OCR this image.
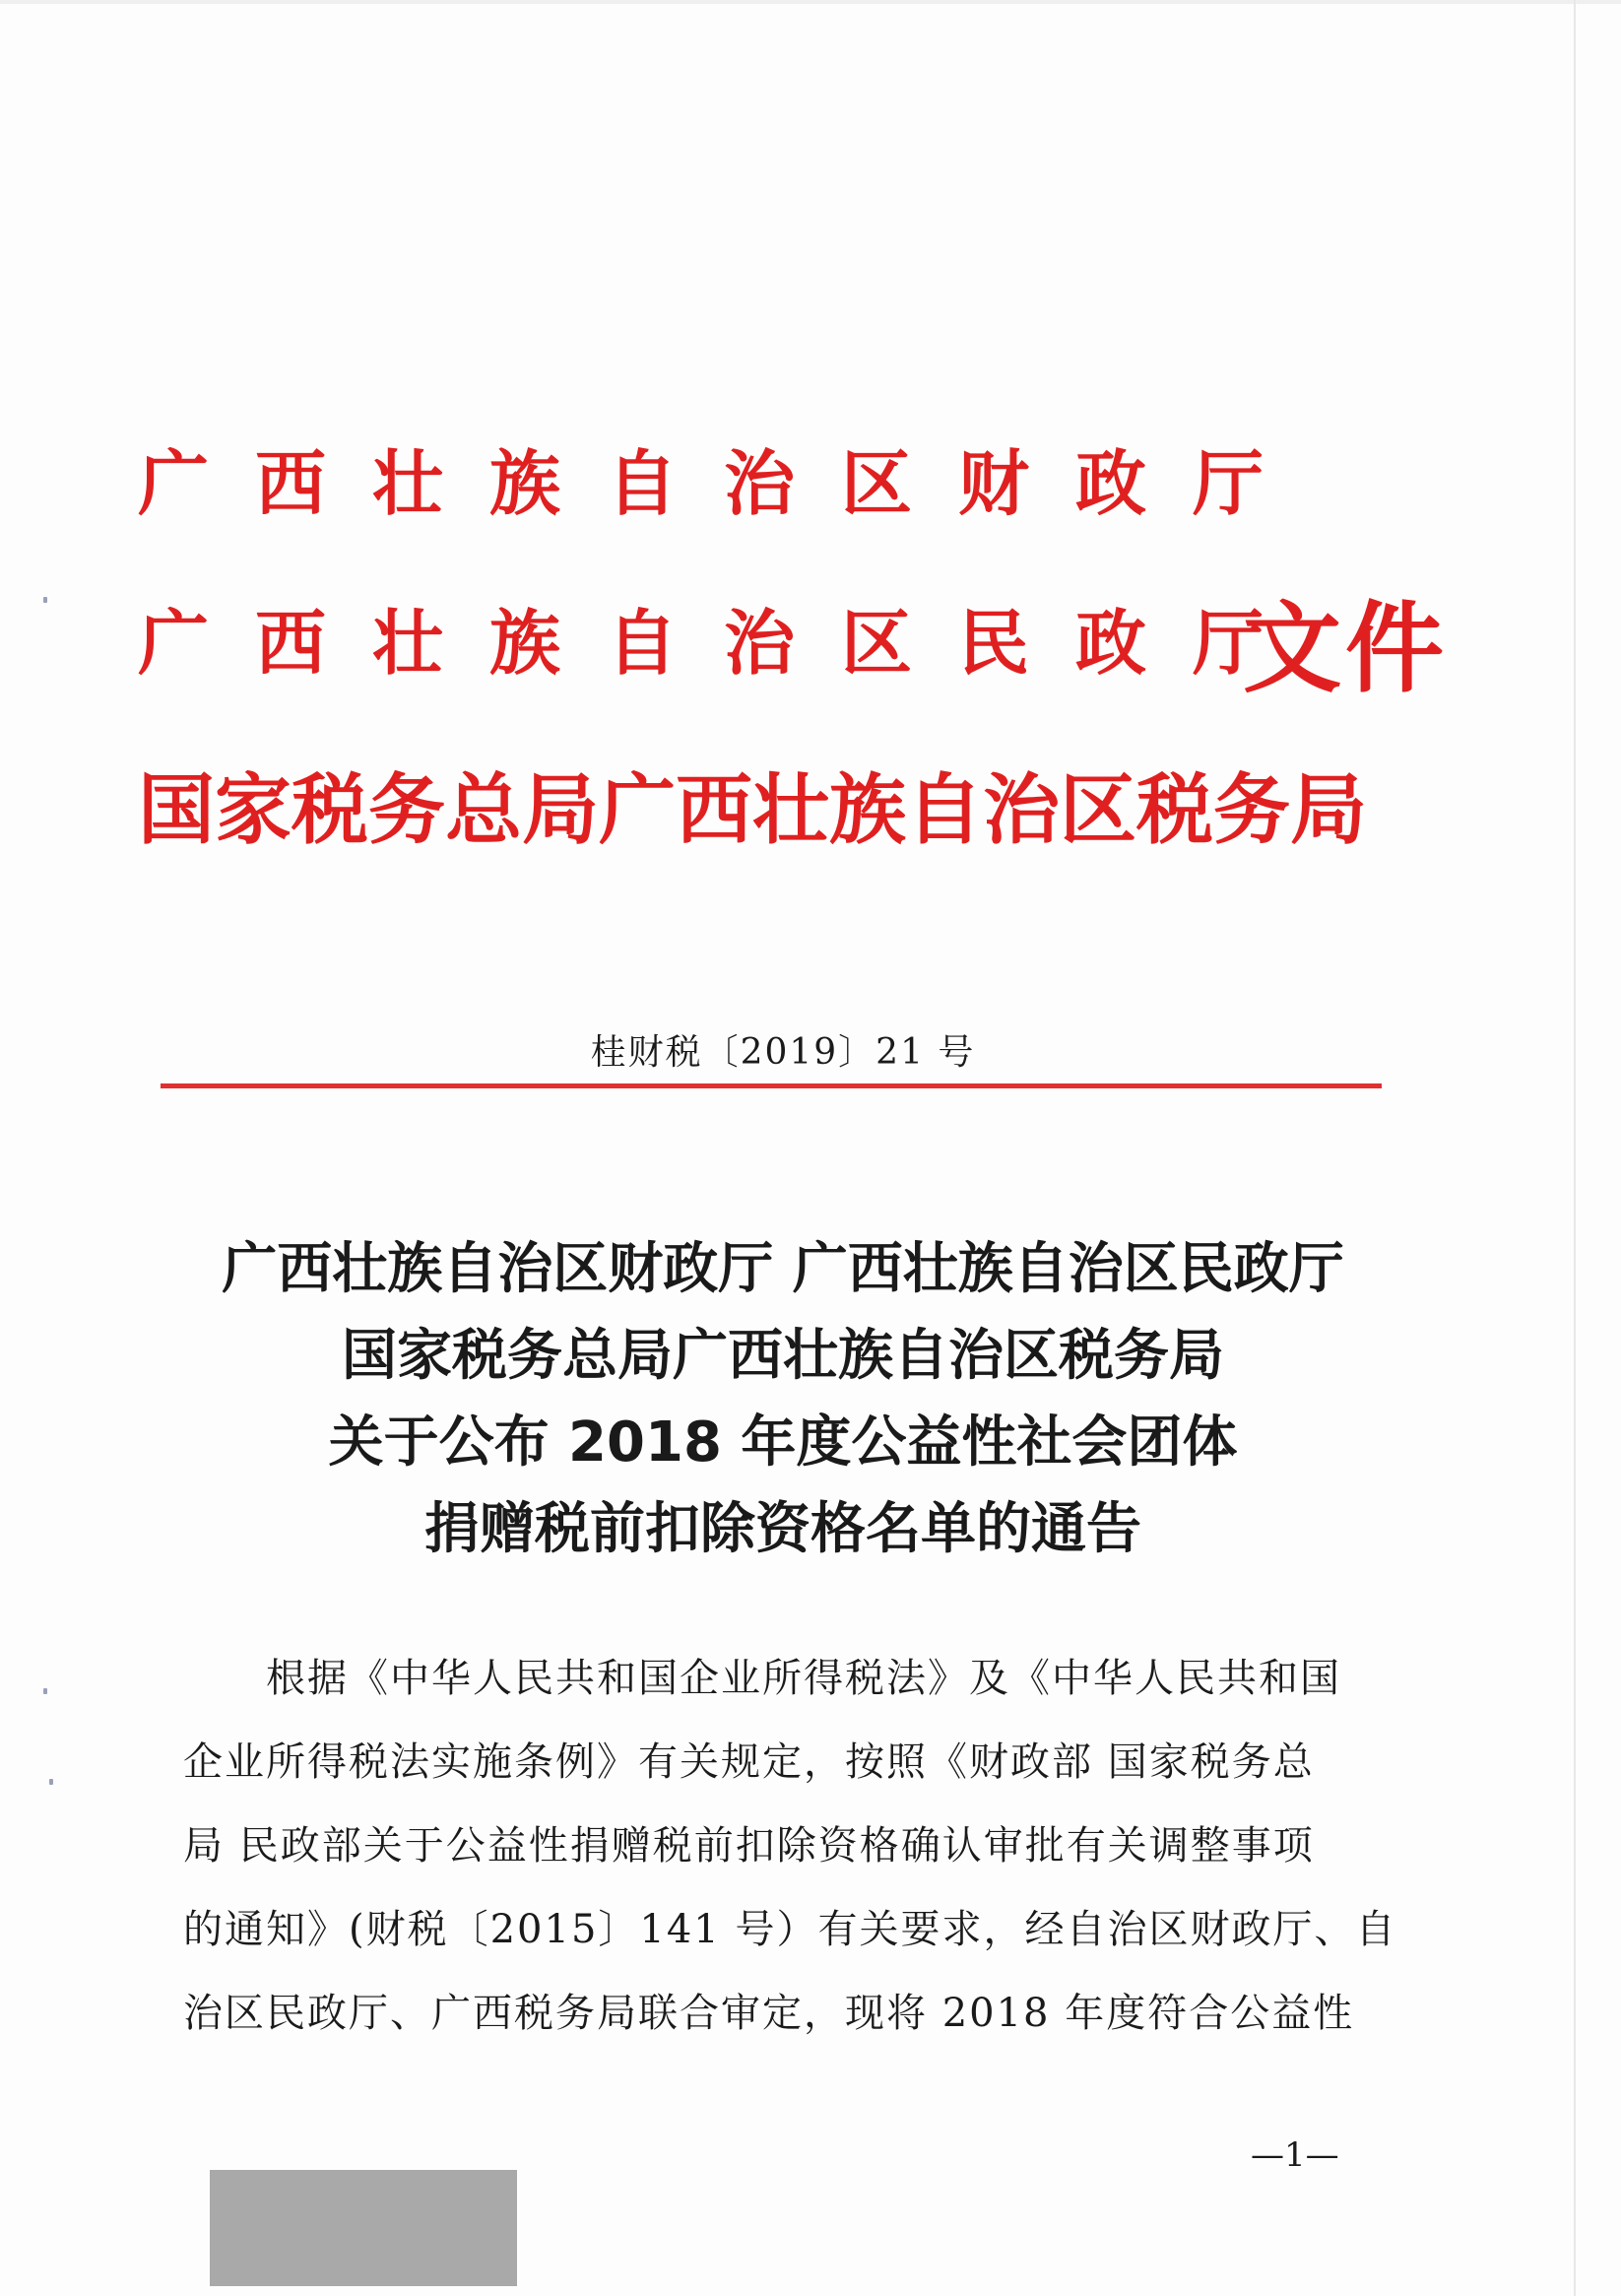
广西壮族自治区财政厅
广西壮族自治区民政厅
文件
国家税务总局广西壮族自治区税务局
桂财税〔2019〕21 号
广西壮族自治区财政厅 广西壮族自治区民政厅
国家税务总局广西壮族自治区税务局
关于公布 2018 年度公益性社会团体
捐赠税前扣除资格名单的通告
根据《中华人民共和国企业所得税法》及《中华人民共和国
企业所得税法实施条例》有关规定，按照《财政部 国家税务总
局 民政部关于公益性捐赠税前扣除资格确认审批有关调整事项
的通知》(财税〔2015〕141 号）有关要求，经自治区财政厅、自
治区民政厅、广西税务局联合审定，现将 2018 年度符合公益性
—1—
